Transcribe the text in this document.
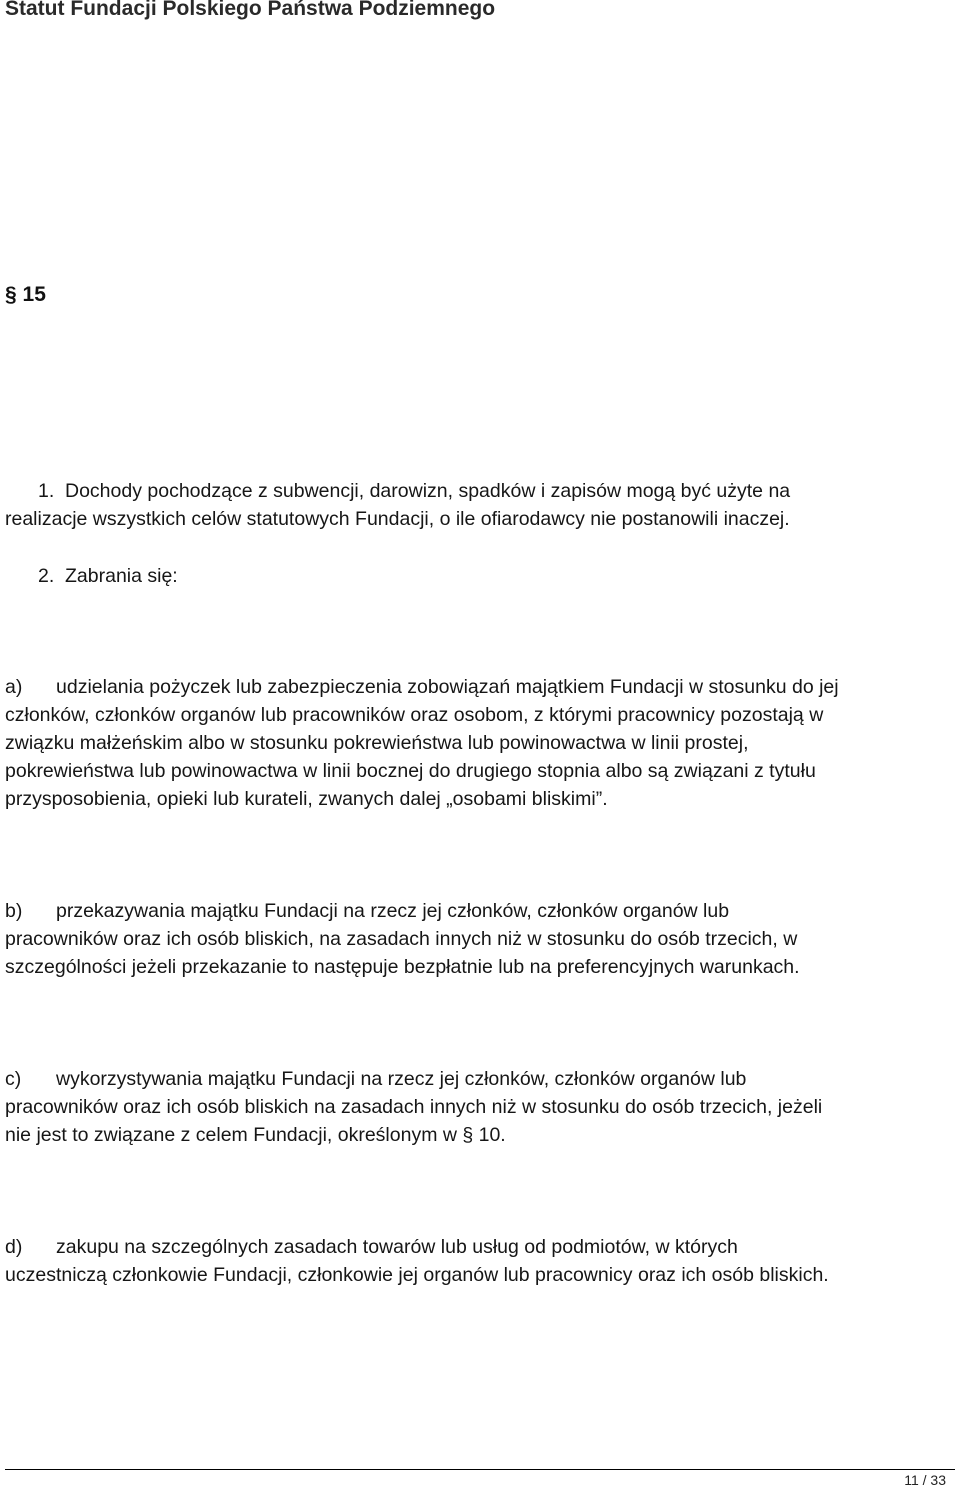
Statut Fundacji Polskiego Państwa Podziemnego
§ 15
1. Dochody pochodzące z subwencji, darowizn, spadków i zapisów mogą być użyte na
realizacje wszystkich celów statutowych Fundacji, o ile ofiarodawcy nie postanowili inaczej.
2. Zabrania się:
a) udzielania pożyczek lub zabezpieczenia zobowiązań majątkiem Fundacji w stosunku do jej
członków, członków organów lub pracowników oraz osobom, z którymi pracownicy pozostają w
związku małżeńskim albo w stosunku pokrewieństwa lub powinowactwa w linii prostej,
pokrewieństwa lub powinowactwa w linii bocznej do drugiego stopnia albo są związani z tytułu
przysposobienia, opieki lub kurateli, zwanych dalej „osobami bliskimi”.
b) przekazywania majątku Fundacji na rzecz jej członków, członków organów lub
pracowników oraz ich osób bliskich, na zasadach innych niż w stosunku do osób trzecich, w
szczególności jeżeli przekazanie to następuje bezpłatnie lub na preferencyjnych warunkach.
c) wykorzystywania majątku Fundacji na rzecz jej członków, członków organów lub
pracowników oraz ich osób bliskich na zasadach innych niż w stosunku do osób trzecich, jeżeli
nie jest to związane z celem Fundacji, określonym w § 10.
d) zakupu na szczególnych zasadach towarów lub usług od podmiotów, w których
uczestniczą członkowie Fundacji, członkowie jej organów lub pracownicy oraz ich osób bliskich.
11 / 33
